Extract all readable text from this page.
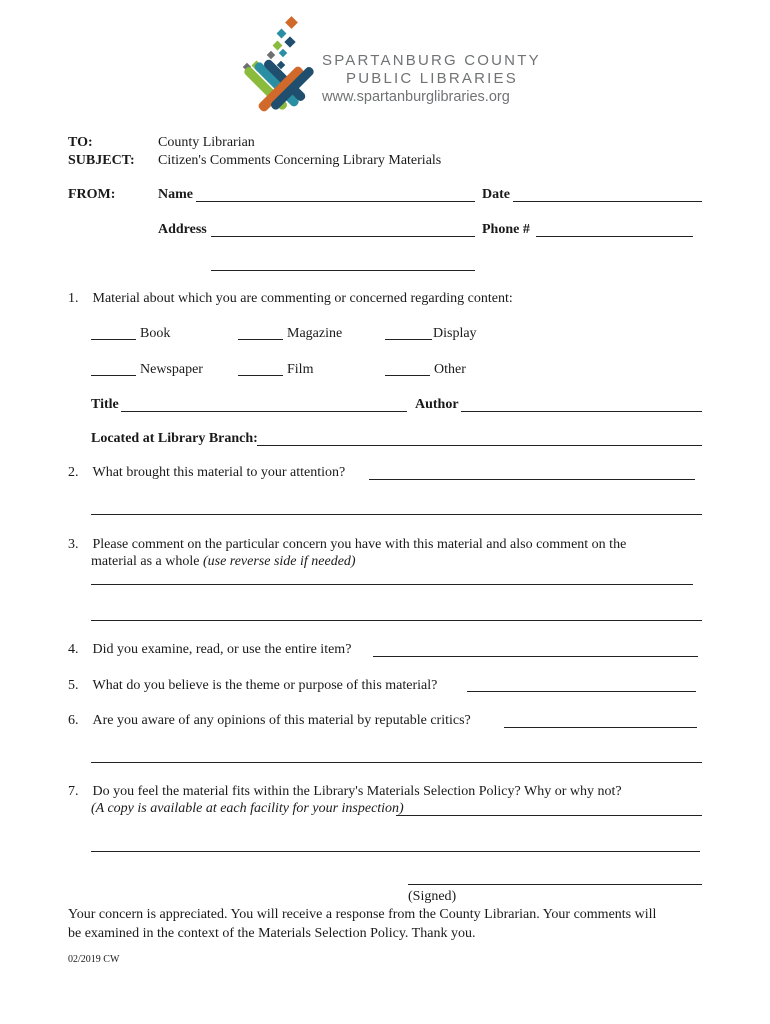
SPARTANBURG COUNTY
PUBLIC LIBRARIES
www.spartanburglibraries.org
TO:	County Librarian
SUBJECT: Citizen's Comments Concerning Library Materials
FROM:	Name	Date
Address	Phone #
1. Material about which you are commenting or concerned regarding content:
Book	Magazine	Display
Newspaper	Film	Other
Title	Author
Located at Library Branch:
2. What brought this material to your attention?
3. Please comment on the particular concern you have with this material and also comment on the
material as a whole (use reverse side if needed)
4. Did you examine, read, or use the entire item?
5. What do you believe is the theme or purpose of this material?
6. Are you aware of any opinions of this material by reputable critics?
7. Do you feel the material fits within the Library's Materials Selection Policy? Why or why not?
(A copy is available at each facility for your inspection)
(Signed)
Your concern is appreciated. You will receive a response from the County Librarian. Your comments will
be examined in the context of the Materials Selection Policy. Thank you.
02/2019 CW
